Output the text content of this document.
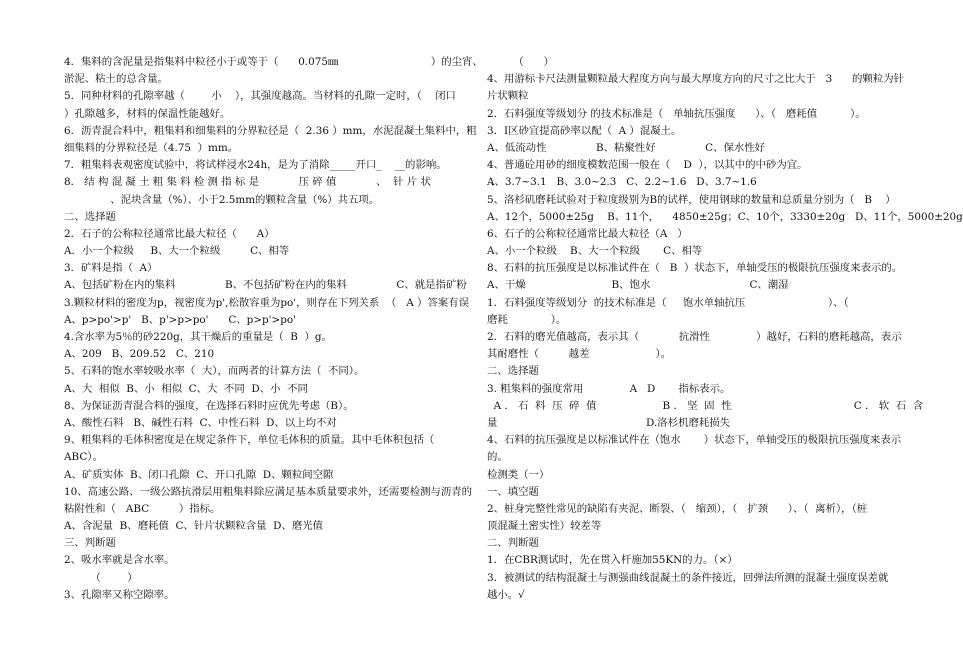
4．集料的含泥量是指集料中粒径小于或等于（      0.075㎜                            ）的尘宵、
淤泥、粘土的总含量。
5．同种材料的孔隙率越（        小    ），其强度越高。当材料的孔隙一定时，（    闭口
）孔隙越多，材料的保温性能越好。
6．沥青混合料中，粗集料和细集料的分界粒径是（  2.36 ）mm，水泥混凝土集料中，粗
细集料的分界粒径是（4.75  ）mm。
7．粗集料表观密度试验中，将试样浸水24h，是为了消除_____开口_    __的影响。
8． 结 构 混 凝 土 粗 集 料 检 测 指 标 是            压 碎 值            、  针 片 状                  、
、泥块含量（%）、小于2.5mm的颗粒含量（%）共五项。
二、选择题
2．石子的公称粒径通常比最大粒径（      A）
A．小一个粒级     B、大一个粒级         C、相等
3．矿料是指（  A）
A、包括矿粉在内的集料               B、不包括矿粉在内的集料               C、就是指矿粉
3.颗粒材料的密度为p，视密度为p',松散容重为po'，则存在下列关系  （   A ）答案有误
A、p>po'>p'   B、p'>p>po'      C、p>p'>po'
4.含水率为5％的砂220g，其干燥后的重量是（  B  ）g。
A、209   B、209.52   C、210
5、石料的饱水率较吸水率（  大），而两者的计算方法（  不同）。
A、大  相似  B、小  相似  C、大  不同  D、小  不同
8、为保证沥青混合料的强度，在选择石料时应优先考虑（B）。
A、酸性石料   B、碱性石料  C、中性石料  D、以上均不对
9、粗集料的毛体积密度是在规定条件下，单位毛体积的质量。其中毛体积包括（
ABC）。
A、矿质实体  B、闭口孔隙  C、开口孔隙  D、颗粒间空隙
10、高速公路、一级公路抗滑层用粗集料除应满足基本质量要求外，还需要检测与沥青的
粘附性和（   ABC         ）指标。
A、含泥量  B、磨耗值  C、针片状颗粒含量  D、磨光值
三、判断题
2、吸水率就是含水率。
（        ）
3、孔隙率又称空隙率。
（      ）
4、用游标卡尺法测量颗粒最大程度方向与最大厚度方向的尺寸之比大于   3      的颗粒为针
片状颗粒
2．石料强度等级划分 的技术标准是（   单轴抗压强度      ）、（   磨耗值          ）。
3．Ⅰ区砂宜提高砂率以配（  A ）混凝土。
A、低流动性               B、粘聚性好               C、保水性好
4、普通砼用砂的细度模数范围一般在（    D  ），以其中的中砂为宜。
A、3.7~3.1   B、3.0~2.3   C、2.2~1.6   D、3.7~1.6
5、洛杉矶磨耗试验对于粒度级别为B的试样，使用钢球的数量和总质量分别为（   B    ）
A、12个，5000±25g    B、11个，    4850±25g；C、10个，3330±20g   D、11个，5000±20g
6、石子的公称粒径通常比最大粒径（A   ）
A、小一个粒级    B、大一个粒级       C、相等
8、石料的抗压强度是以标准试件在（   B  ）状态下，单轴受压的极限抗压强度来表示的。
A、干燥                          B、饱水                              C、潮湿
1．石料强度等级划分  的技术标准是（     饱水单轴抗压                         ）、（
磨耗             ）。
2．石料的磨光值越高，表示其（            抗滑性              ）越好，石料的磨耗越高，表示
其耐磨性（         越差                    ）。
二、选择题
3. 粗集料的强度常用              A   D       指标表示。
A ． 石  料  压  碎  值                    B ． 坚  固  性                                     C ． 软  石  含
量                                             D.洛杉机磨耗损失
4、石料的抗压强度是以标准试件在（饱水       ）状态下，单轴受压的极限抗压强度来表示
的。
检测类（一）
一、填空题
2、桩身完整性常见的缺陷有夹泥、断裂、（   缩颈），（   扩颈      ）、（  离析），（桩
顶混凝土密实性）较差等
二、判断题
1．在CBR测试时，先在贯入杆施加55KN的力。（×）
3．被测试的结构混凝土与测强曲线混凝土的条件接近，回弹法所测的混凝土强度误差就
越小。√
